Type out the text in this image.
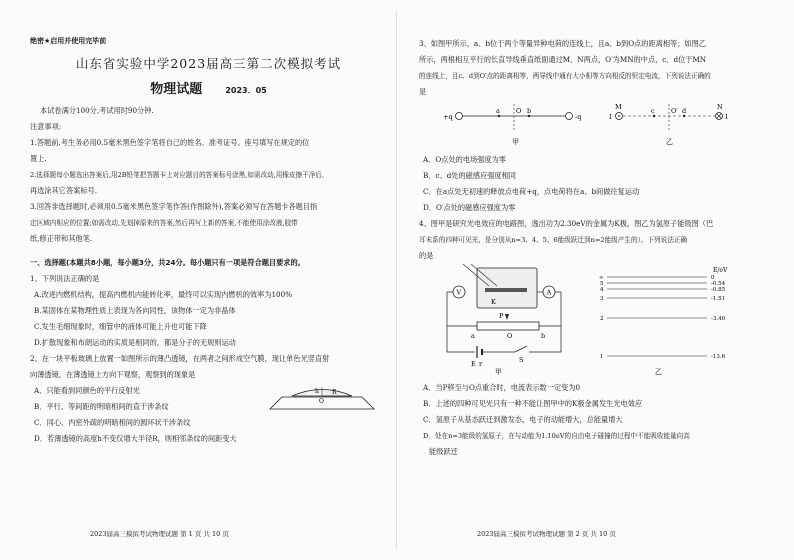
绝密★启用并使用完毕前
山东省实验中学2023届高三第二次模拟考试
物理试题	2023．05
本试卷满分100分,考试用时90分钟.
注意事项:
1.答题前,考生务必用0.5毫米黑色签字笔将自己的姓名、准考证号、座号填写在规定的位
置上.
2.选择题每小题选出答案后,用2B铅笔把答题卡上对应题目的答案标号涂黑,如需改动,用橡皮擦干净后,
再选涂其它答案标号.
3.回答非选择题时,必须用0.5毫米黑色签字笔作答(作图除外),答案必须写在答题卡各题目指
定区域内相应的位置;如需改动,先划掉原来的答案,然后再写上新的答案,不能使用涂改液,胶带
纸,修正带和其他笔.
一、选择题(本题共8小题，每小题3分，共24分。每小题只有一项是符合题目要求的。
1、下列说法正确的是
A.改进内燃机结构，提高内燃机内能转化率，最终可以实现内燃机的效率为100%
B.某固体在某物理性质上表现为各向同性，该物体一定为非晶体
C.发生毛细现象时，细管中的液体可能上升也可能下降
D.扩散现象和布朗运动的实质是相同的，都是分子的无规则运动
2、在一块平板玻璃上放置一如图所示的薄凸透镜，在两者之间形成空气膜，现让单色光竖直射
向薄透镜，在薄透镜上方向下观察，观察到的现象是
A．只能看到同颜色的平行反射光
B．平行、等间距的明暗相间的直干涉条纹
C．同心、内密外疏的明暗相间的圆环状干涉条纹
D．若薄透镜的高度h不变仅增大半径R，则相邻条纹的间距变大
R
h
O
2023届高三模拟考试物理试题 第 1 页 共 10 页
3、如图甲所示，a、b位于两个等量异种电荷的连线上，且a、b到O点的距离相等；如图乙
所示，两根相互平行的长直导线垂直纸面通过M、N两点，O′为MN的中点，c、d位于MN
的连线上，且c、d到O′点的距离相等，两导线中通有大小相等方向相反的恒定电流，下列说法正确的
是
+q	-q
a O b
甲
M	N
I	I
c	O′ d
乙
A．O点处的电场强度为零
B．c、d处的磁感应强度相同
C．在a点处无初速的释放点电荷+q，点电荷将在a、b间做往复运动
D．O′点处的磁感应强度为零
4、图甲是研究光电效应的电路图，逸出功为2.30eV的金属为K极，图乙为氢原子能级图（巴
耳末系的四种可见光，是分别从n=3、4、5、6能级跃迁到n=2能级产生的）。下列说法正确
的是
K
V	A
P
O
a	b
S
E r
甲
E/eV
∞	0
5	-0.54
4	-0.85
3	-1.51
2	-3.40
1	-13.6
乙
A．当P移至与O点重合时，电流表示数一定变为0
B．上述的四种可见光只有一种不能让图甲中的K极金属发生光电效应
C．氢原子从基态跃迁到激发态，电子的动能增大，总能量增大
D．处在n=3能级的氢原子，在与动能为1.10eV的自由电子碰撞的过程中不能吸收能量向高
能级跃迁
2023届高三模拟考试物理试题 第 2 页 共 10 页
